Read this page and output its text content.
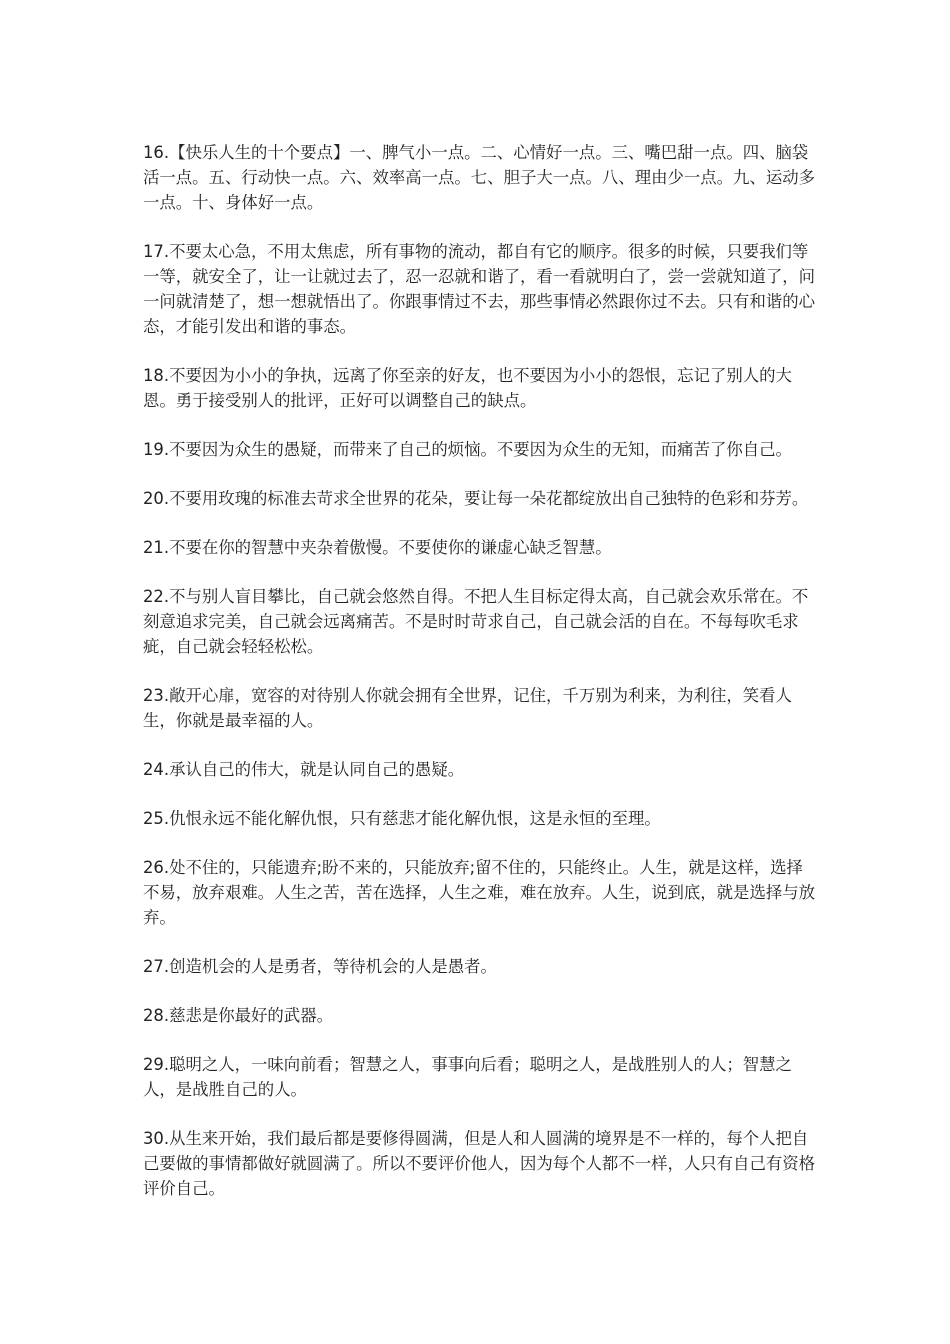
16.【快乐人生的十个要点】一、脾气小一点。二、心情好一点。三、嘴巴甜一点。四、脑袋活一点。五、行动快一点。六、效率高一点。七、胆子大一点。八、理由少一点。九、运动多一点。十、身体好一点。

17.不要太心急，不用太焦虑，所有事物的流动，都自有它的顺序。很多的时候，只要我们等一等，就安全了，让一让就过去了，忍一忍就和谐了，看一看就明白了，尝一尝就知道了，问一问就清楚了，想一想就悟出了。你跟事情过不去，那些事情必然跟你过不去。只有和谐的心态，才能引发出和谐的事态。

18.不要因为小小的争执，远离了你至亲的好友，也不要因为小小的怨恨，忘记了别人的大恩。勇于接受别人的批评，正好可以调整自己的缺点。

19.不要因为众生的愚疑，而带来了自己的烦恼。不要因为众生的无知，而痛苦了你自己。

20.不要用玫瑰的标准去苛求全世界的花朵，要让每一朵花都绽放出自己独特的色彩和芬芳。

21.不要在你的智慧中夹杂着傲慢。不要使你的谦虚心缺乏智慧。

22.不与别人盲目攀比，自己就会悠然自得。不把人生目标定得太高，自己就会欢乐常在。不刻意追求完美，自己就会远离痛苦。不是时时苛求自己，自己就会活的自在。不每每吹毛求疵，自己就会轻轻松松。

23.敞开心扉，宽容的对待别人你就会拥有全世界，记住，千万别为利来，为利往，笑看人生，你就是最幸福的人。

24.承认自己的伟大，就是认同自己的愚疑。

25.仇恨永远不能化解仇恨，只有慈悲才能化解仇恨，这是永恒的至理。

26.处不住的，只能遗弃;盼不来的，只能放弃;留不住的，只能终止。人生，就是这样，选择不易，放弃艰难。人生之苦，苦在选择，人生之难，难在放弃。人生，说到底，就是选择与放弃。

27.创造机会的人是勇者，等待机会的人是愚者。

28.慈悲是你最好的武器。

29.聪明之人，一味向前看；智慧之人，事事向后看；聪明之人，是战胜别人的人；智慧之人，是战胜自己的人。

30.从生来开始，我们最后都是要修得圆满，但是人和人圆满的境界是不一样的，每个人把自己要做的事情都做好就圆满了。所以不要评价他人，因为每个人都不一样，人只有自己有资格评价自己。
